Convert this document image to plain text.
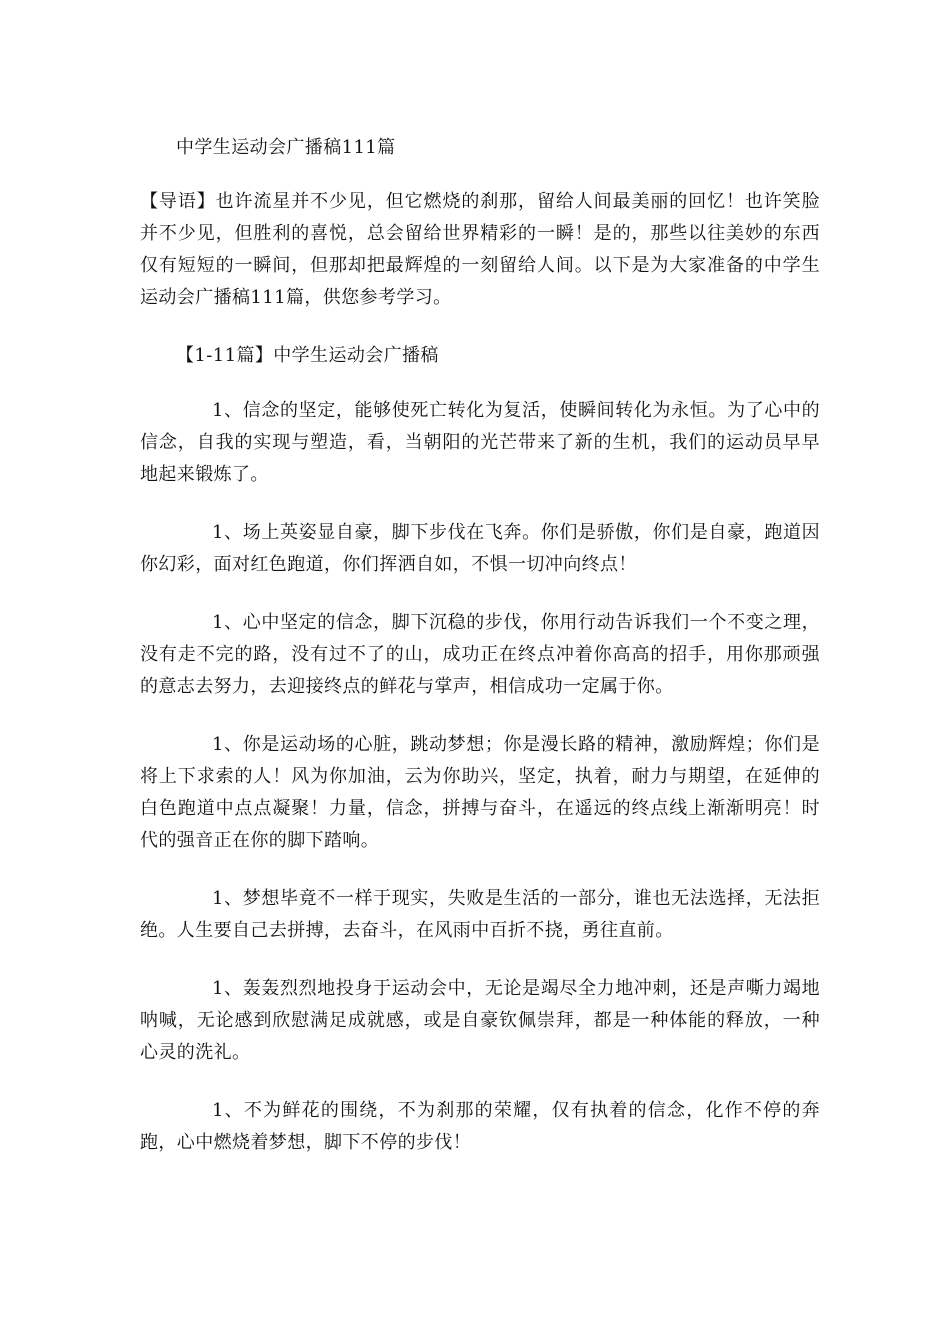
中学生运动会广播稿111篇

【导语】也许流星并不少见，但它燃烧的刹那，留给人间最美丽的回忆！也许笑脸并不少见，但胜利的喜悦，总会留给世界精彩的一瞬！是的，那些以往美妙的东西仅有短短的一瞬间，但那却把最辉煌的一刻留给人间。以下是为大家准备的中学生运动会广播稿111篇，供您参考学习。

【1-11篇】中学生运动会广播稿

1、信念的坚定，能够使死亡转化为复活，使瞬间转化为永恒。为了心中的信念，自我的实现与塑造，看，当朝阳的光芒带来了新的生机，我们的运动员早早地起来锻炼了。

1、场上英姿显自豪，脚下步伐在飞奔。你们是骄傲，你们是自豪，跑道因你幻彩，面对红色跑道，你们挥洒自如，不惧一切冲向终点！

1、心中坚定的信念，脚下沉稳的步伐，你用行动告诉我们一个不变之理，没有走不完的路，没有过不了的山，成功正在终点冲着你高高的招手，用你那顽强的意志去努力，去迎接终点的鲜花与掌声，相信成功一定属于你。

1、你是运动场的心脏，跳动梦想；你是漫长路的精神，激励辉煌；你们是将上下求索的人！风为你加油，云为你助兴，坚定，执着，耐力与期望，在延伸的白色跑道中点点凝聚！力量，信念，拼搏与奋斗，在遥远的终点线上渐渐明亮！时代的强音正在你的脚下踏响。

1、梦想毕竟不一样于现实，失败是生活的一部分，谁也无法选择，无法拒绝。人生要自己去拼搏，去奋斗，在风雨中百折不挠，勇往直前。

1、轰轰烈烈地投身于运动会中，无论是竭尽全力地冲刺，还是声嘶力竭地呐喊，无论感到欣慰满足成就感，或是自豪钦佩崇拜，都是一种体能的释放，一种心灵的洗礼。

1、不为鲜花的围绕，不为刹那的荣耀，仅有执着的信念，化作不停的奔跑，心中燃烧着梦想，脚下不停的步伐！
